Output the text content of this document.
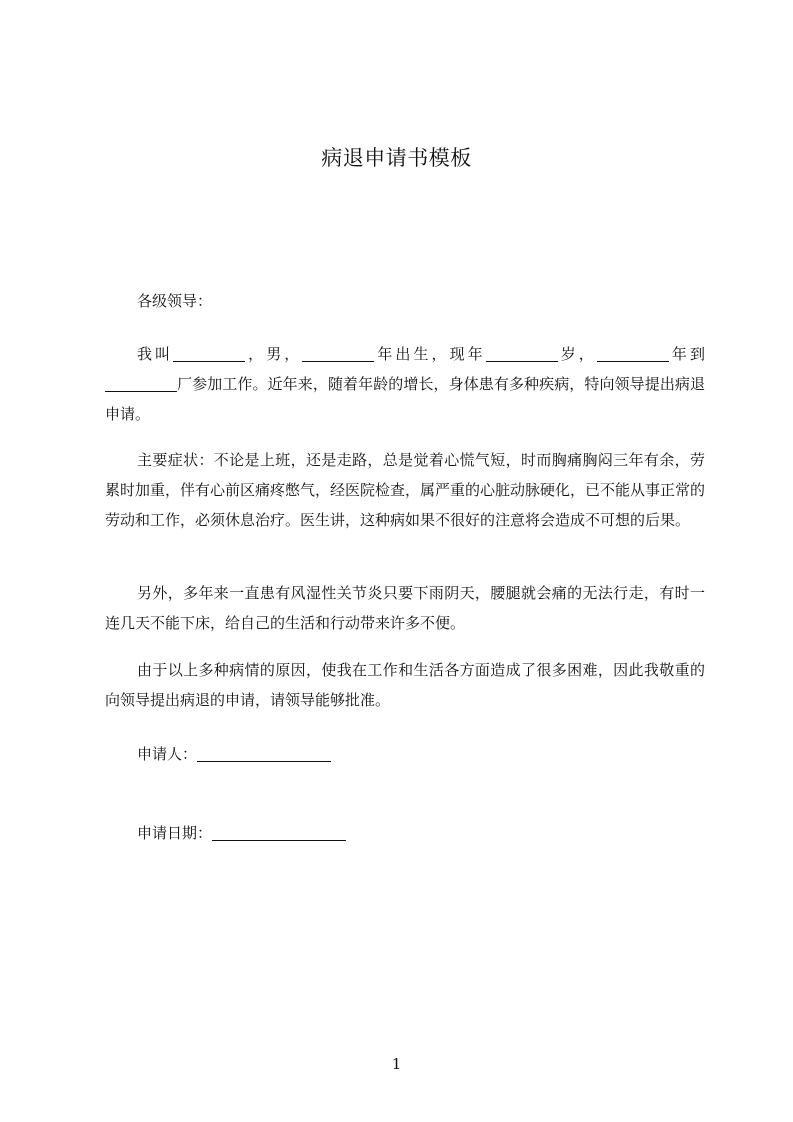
病退申请书模板
各级领导：

我叫	，男，	年出生，现年	岁，	年到厂参加工作。近年来，随着年龄的增长，身体患有多种疾病，特向领导提出病退申请。

主要症状：不论是上班，还是走路，总是觉着心慌气短，时而胸痛胸闷三年有余，劳累时加重，伴有心前区痛疼憋气，经医院检查，属严重的心脏动脉硬化，已不能从事正常的劳动和工作，必须休息治疗。医生讲，这种病如果不很好的注意将会造成不可想的后果。

另外，多年来一直患有风湿性关节炎只要下雨阴天，腰腿就会痛的无法行走，有时一连几天不能下床，给自己的生活和行动带来许多不便。

由于以上多种病情的原因，使我在工作和生活各方面造成了很多困难，因此我敬重的向领导提出病退的申请，请领导能够批准。

申请人：
申请日期：
1
